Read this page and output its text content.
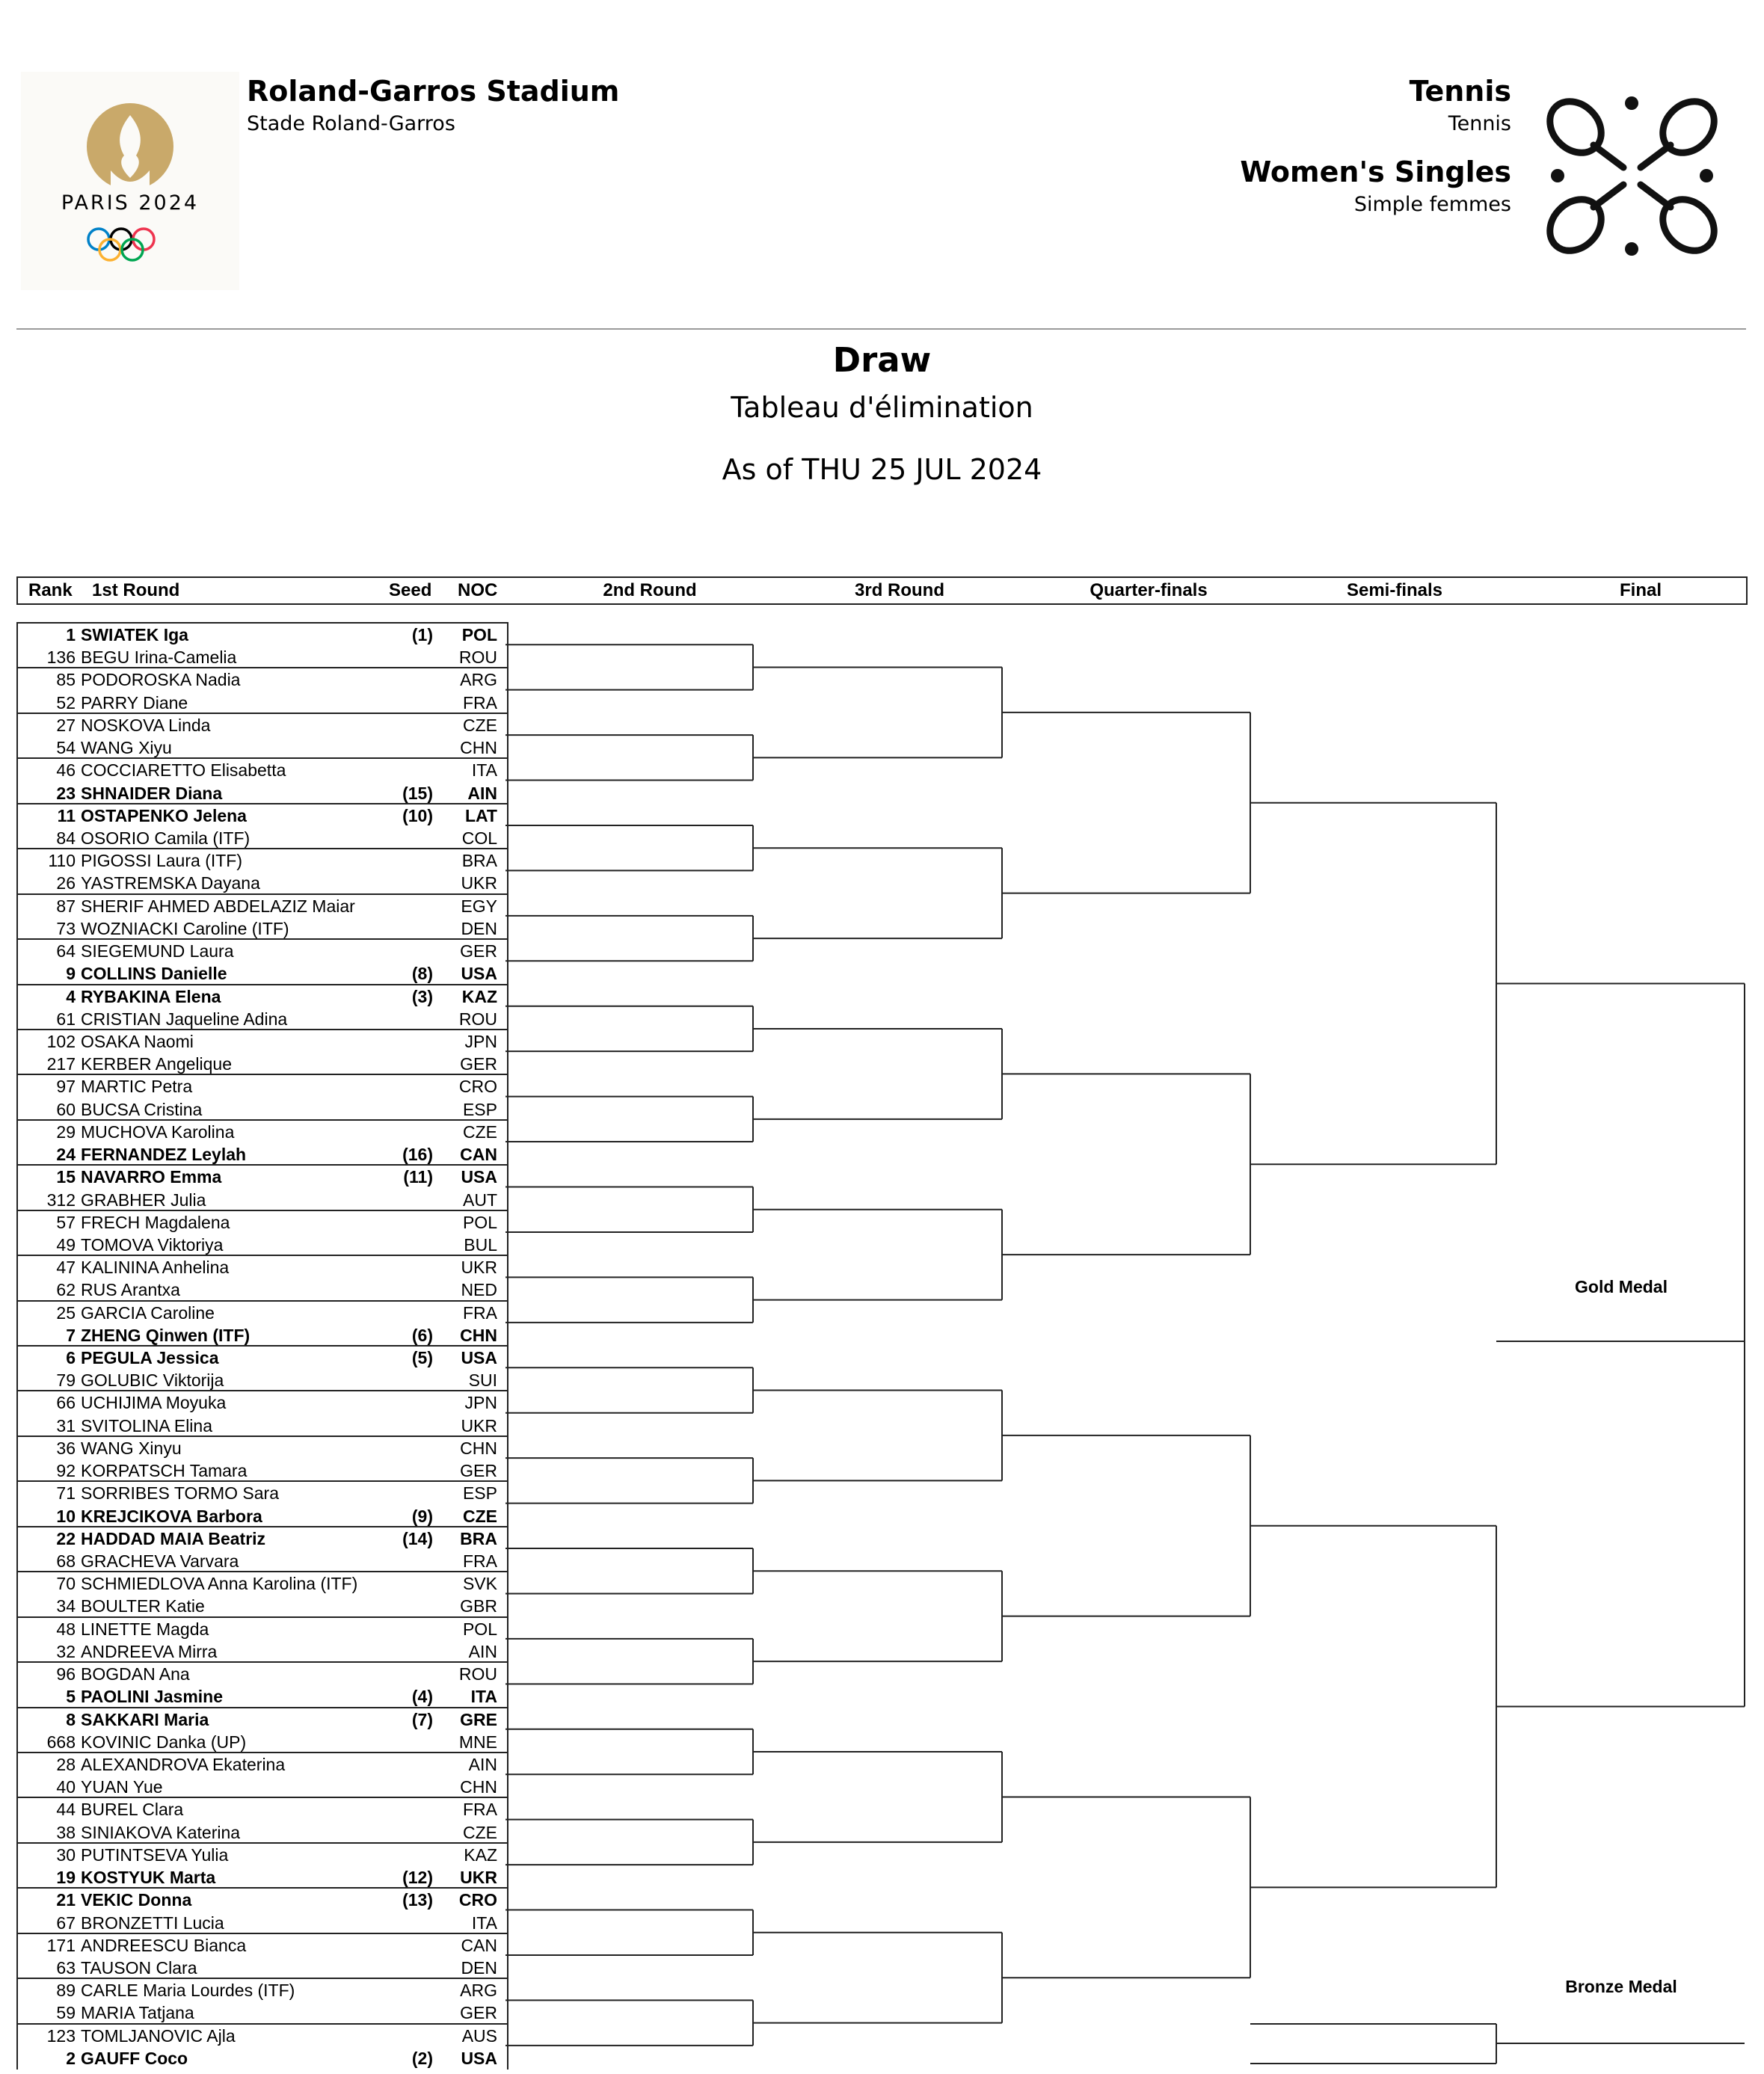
PARIS 2024
Roland-Garros Stadium
Stade Roland-Garros
Tennis
Tennis
Women's Singles
Simple femmes
Draw
Tableau d'élimination
As of THU 25 JUL 2024
Rank 1st Round	Seed NOC	2nd Round	3rd Round	Quarter-finals	Semi-finals	Final
1 SWIATEK Iga	(1) POL
136 BEGU Irina-Camelia	ROU
85 PODOROSKA Nadia	ARG
52 PARRY Diane	FRA
27 NOSKOVA Linda	CZE
54 WANG Xiyu	CHN
46 COCCIARETTO Elisabetta	ITA
23 SHNAIDER Diana	(15) AIN
11 OSTAPENKO Jelena	(10) LAT
84 OSORIO Camila (ITF)	COL
110 PIGOSSI Laura (ITF)	BRA
26 YASTREMSKA Dayana	UKR
87 SHERIF AHMED ABDELAZIZ Maiar	EGY
73 WOZNIACKI Caroline (ITF)	DEN
64 SIEGEMUND Laura	GER
9 COLLINS Danielle	(8) USA
4 RYBAKINA Elena	(3) KAZ
61 CRISTIAN Jaqueline Adina	ROU
102 OSAKA Naomi	JPN
217 KERBER Angelique	GER
97 MARTIC Petra	CRO
60 BUCSA Cristina	ESP
29 MUCHOVA Karolina	CZE
24 FERNANDEZ Leylah	(16) CAN
15 NAVARRO Emma	(11) USA
312 GRABHER Julia	AUT
57 FRECH Magdalena	POL
49 TOMOVA Viktoriya	BUL
47 KALININA Anhelina	UKR
62 RUS Arantxa	NED
25 GARCIA Caroline	FRA
7 ZHENG Qinwen (ITF)	(6) CHN
6 PEGULA Jessica	(5) USA
79 GOLUBIC Viktorija	SUI
66 UCHIJIMA Moyuka	JPN
31 SVITOLINA Elina	UKR
36 WANG Xinyu	CHN
92 KORPATSCH Tamara	GER
71 SORRIBES TORMO Sara	ESP
10 KREJCIKOVA Barbora	(9) CZE
22 HADDAD MAIA Beatriz	(14) BRA
68 GRACHEVA Varvara	FRA
70 SCHMIEDLOVA Anna Karolina (ITF)	SVK
34 BOULTER Katie	GBR
48 LINETTE Magda	POL
32 ANDREEVA Mirra	AIN
96 BOGDAN Ana	ROU
5 PAOLINI Jasmine	(4) ITA
8 SAKKARI Maria	(7) GRE
668 KOVINIC Danka (UP)	MNE
28 ALEXANDROVA Ekaterina	AIN
40 YUAN Yue	CHN
44 BUREL Clara	FRA
38 SINIAKOVA Katerina	CZE
30 PUTINTSEVA Yulia	KAZ
19 KOSTYUK Marta	(12) UKR
21 VEKIC Donna	(13) CRO
67 BRONZETTI Lucia	ITA
171 ANDREESCU Bianca	CAN
63 TAUSON Clara	DEN
89 CARLE Maria Lourdes (ITF)	ARG
59 MARIA Tatjana	GER
123 TOMLJANOVIC Ajla	AUS
2 GAUFF Coco	(2) USA
Gold Medal
Bronze Medal
